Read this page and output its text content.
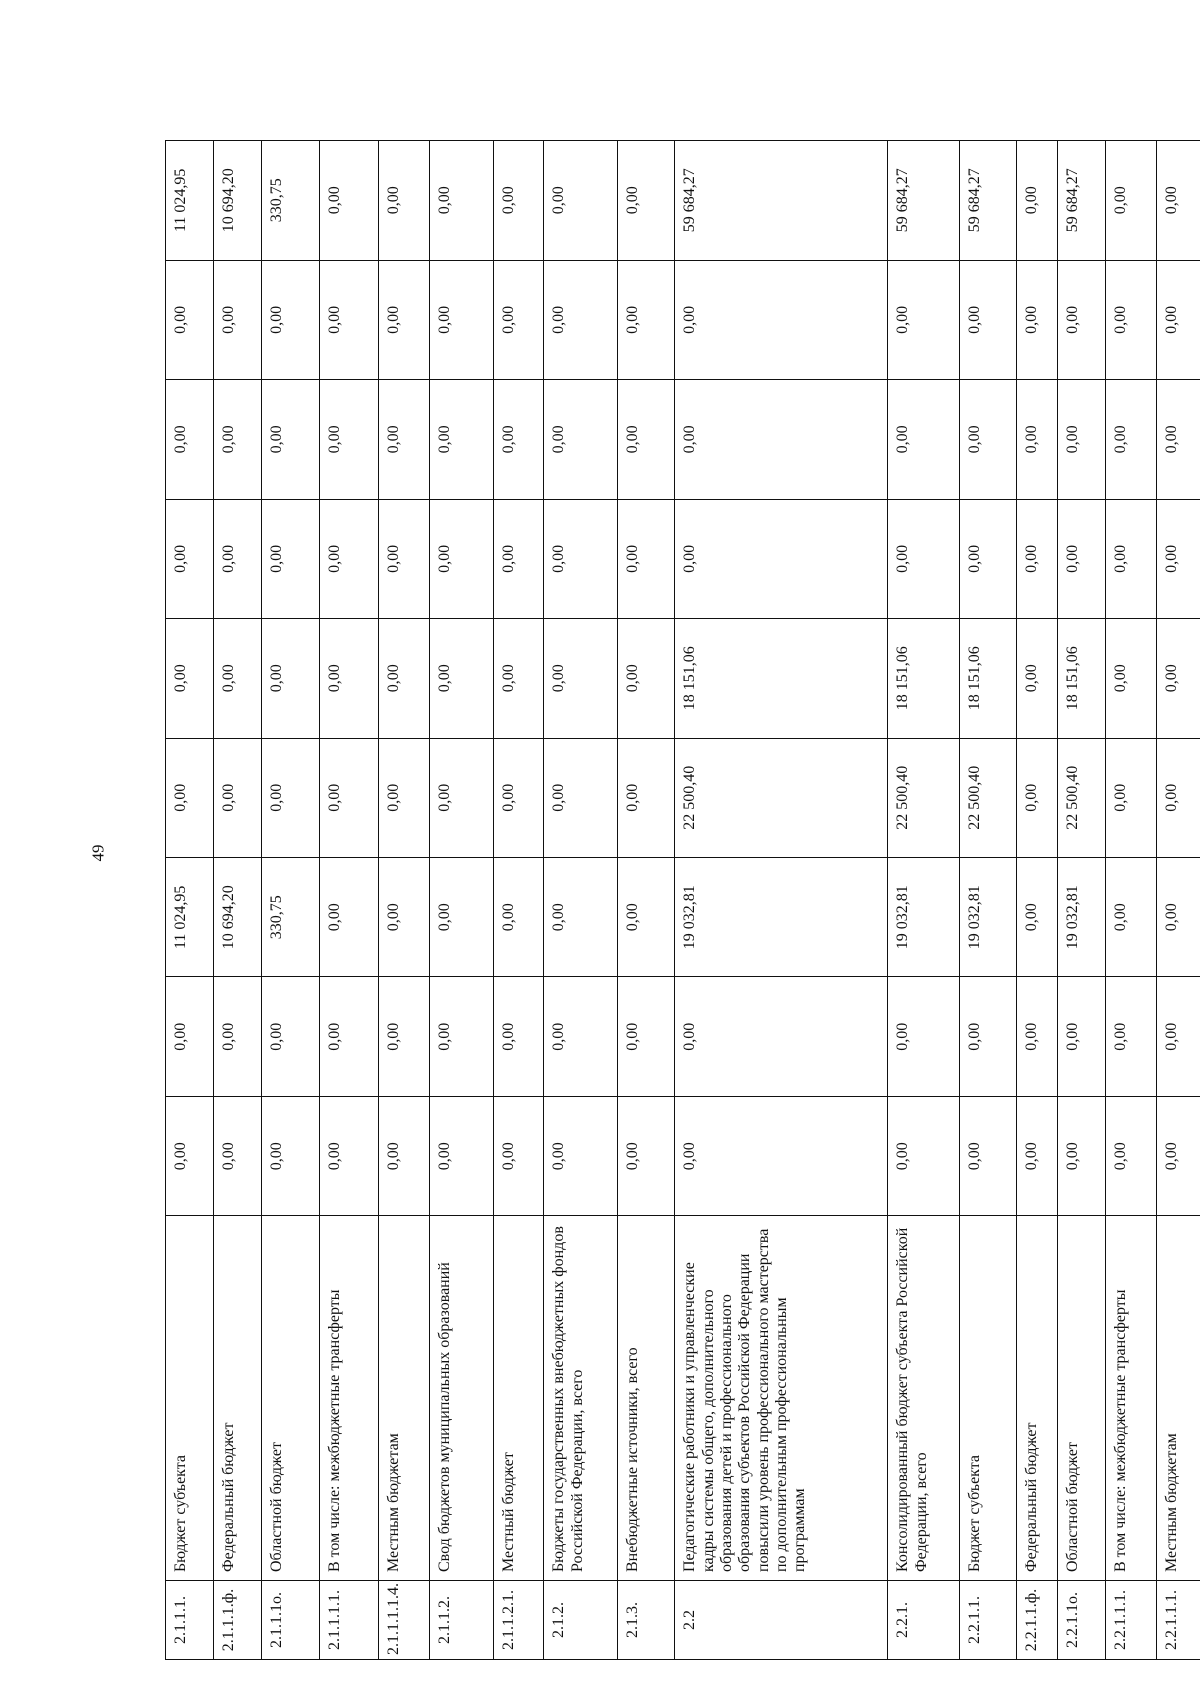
49
2.1.1.1.	Бюджет субъекта	0,00	0,00	11 024,95	0,00	0,00	0,00	0,00	0,00	11 024,95
2.1.1.1.ф.	Федеральный бюджет	0,00	0,00	10 694,20	0,00	0,00	0,00	0,00	0,00	10 694,20
2.1.1.1о.	Областной бюджет	0,00	0,00	330,75	0,00	0,00	0,00	0,00	0,00	330,75
2.1.1.1.1.	В том числе: межбюджетные трансферты	0,00	0,00	0,00	0,00	0,00	0,00	0,00	0,00	0,00
2.1.1.1.1.4.	Местным бюджетам	0,00	0,00	0,00	0,00	0,00	0,00	0,00	0,00	0,00
2.1.1.2.	Свод бюджетов муниципальных образований	0,00	0,00	0,00	0,00	0,00	0,00	0,00	0,00	0,00
2.1.1.2.1.	Местный бюджет	0,00	0,00	0,00	0,00	0,00	0,00	0,00	0,00	0,00
2.1.2.	Бюджеты государственных внебюджетных фондов Российской Федерации, всего	0,00	0,00	0,00	0,00	0,00	0,00	0,00	0,00	0,00
2.1.3.	Внебюджетные источники, всего	0,00	0,00	0,00	0,00	0,00	0,00	0,00	0,00	0,00
2.2	Педагогические работники и управленческие кадры системы общего, дополнительного образования детей и профессионального образования субъектов Российской Федерации повысили уровень профессионального мастерства по дополнительным профессиональным программам	0,00	0,00	19 032,81	22 500,40	18 151,06	0,00	0,00	0,00	59 684,27
2.2.1.	Консолидированный бюджет субъекта Российской Федерации, всего	0,00	0,00	19 032,81	22 500,40	18 151,06	0,00	0,00	0,00	59 684,27
2.2.1.1.	Бюджет субъекта	0,00	0,00	19 032,81	22 500,40	18 151,06	0,00	0,00	0,00	59 684,27
2.2.1.1.ф.	Федеральный бюджет	0,00	0,00	0,00	0,00	0,00	0,00	0,00	0,00	0,00
2.2.1.1о.	Областной бюджет	0,00	0,00	19 032,81	22 500,40	18 151,06	0,00	0,00	0,00	59 684,27
2.2.1.1.1.	В том числе: межбюджетные трансферты	0,00	0,00	0,00	0,00	0,00	0,00	0,00	0,00	0,00
2.2.1.1.1.	Местным бюджетам	0,00	0,00	0,00	0,00	0,00	0,00	0,00	0,00	0,00
